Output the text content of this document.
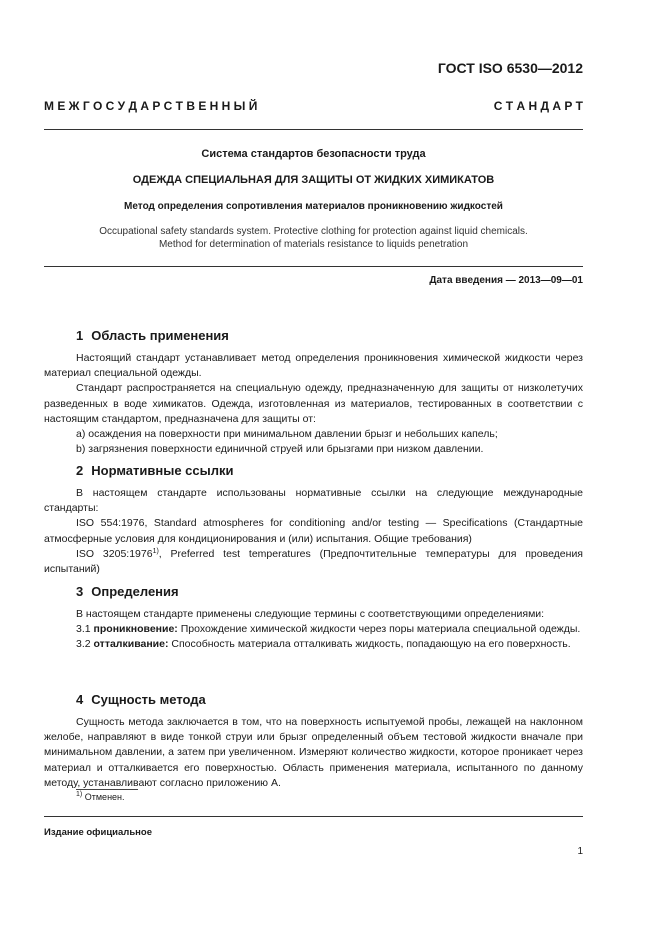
ГОСТ ISO 6530—2012
М Е Ж Г О С У Д А Р С Т В Е Н Н Ы Й	С Т А Н Д А Р Т
Система стандартов безопасности труда
ОДЕЖДА СПЕЦИАЛЬНАЯ ДЛЯ ЗАЩИТЫ ОТ ЖИДКИХ ХИМИКАТОВ
Метод определения сопротивления материалов проникновению жидкостей
Occupational safety standards system. Protective clothing for protection against liquid chemicals.
Method for determination of materials resistance to liquids penetration
Дата введения — 2013—09—01
1 Область применения

Настоящий стандарт устанавливает метод определения проникновения химической жидкости через материал специальной одежды.

Стандарт распространяется на специальную одежду, предназначенную для защиты от низколетучих разведенных в воде химикатов. Одежда, изготовленная из материалов, тестированных в соответствии с настоящим стандартом, предназначена для защиты от:

a) осаждения на поверхности при минимальном давлении брызг и небольших капель;

b) загрязнения поверхности единичной струей или брызгами при низком давлении.

2 Нормативные ссылки

В настоящем стандарте использованы нормативные ссылки на следующие международные стандарты:

ISO 554:1976, Standard atmospheres for conditioning and/or testing — Specifications (Стандартные атмосферные условия для кондиционирования и (или) испытания. Общие требования)

ISO 3205:1976$^{1)}$, Preferred test temperatures (Предпочтительные температуры для проведения испытаний)

3 Определения

В настоящем стандарте применены следующие термины с соответствующими определениями:

3.1 проникновение: Прохождение химической жидкости через поры материала специальной одежды.

3.2 отталкивание: Способность материала отталкивать жидкость, попадающую на его поверхность.

4 Сущность метода

Сущность метода заключается в том, что на поверхность испытуемой пробы, лежащей на наклонном желобе, направляют в виде тонкой струи или брызг определенный объем тестовой жидкости вначале при минимальном давлении, а затем при увеличенном. Измеряют количество жидкости, которое проникает через материал и отталкивается его поверхностью. Область применения материала, испытанного по данному методу, устанавливают согласно приложению А.

$^{1)}$ Отменен.
Издание официальное
1
